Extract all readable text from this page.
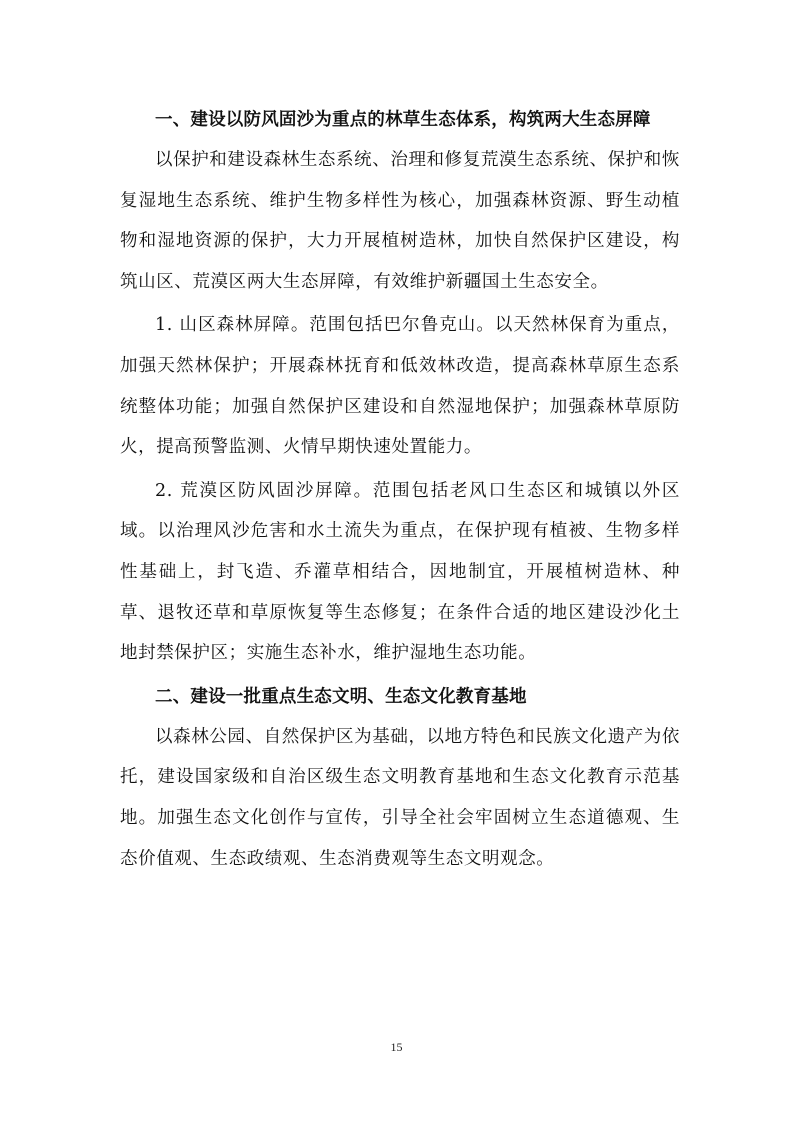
一、建设以防风固沙为重点的林草生态体系，构筑两大生态屏障

以保护和建设森林生态系统、治理和修复荒漠生态系统、保护和恢复湿地生态系统、维护生物多样性为核心，加强森林资源、野生动植物和湿地资源的保护，大力开展植树造林，加快自然保护区建设，构筑山区、荒漠区两大生态屏障，有效维护新疆国土生态安全。

1. 山区森林屏障。范围包括巴尔鲁克山。以天然林保育为重点，加强天然林保护；开展森林抚育和低效林改造，提高森林草原生态系统整体功能；加强自然保护区建设和自然湿地保护；加强森林草原防火，提高预警监测、火情早期快速处置能力。

2. 荒漠区防风固沙屏障。范围包括老风口生态区和城镇以外区域。以治理风沙危害和水土流失为重点，在保护现有植被、生物多样性基础上，封飞造、乔灌草相结合，因地制宜，开展植树造林、种草、退牧还草和草原恢复等生态修复；在条件合适的地区建设沙化土地封禁保护区；实施生态补水，维护湿地生态功能。

二、建设一批重点生态文明、生态文化教育基地

以森林公园、自然保护区为基础，以地方特色和民族文化遗产为依托，建设国家级和自治区级生态文明教育基地和生态文化教育示范基地。加强生态文化创作与宣传，引导全社会牢固树立生态道德观、生态价值观、生态政绩观、生态消费观等生态文明观念。

15
